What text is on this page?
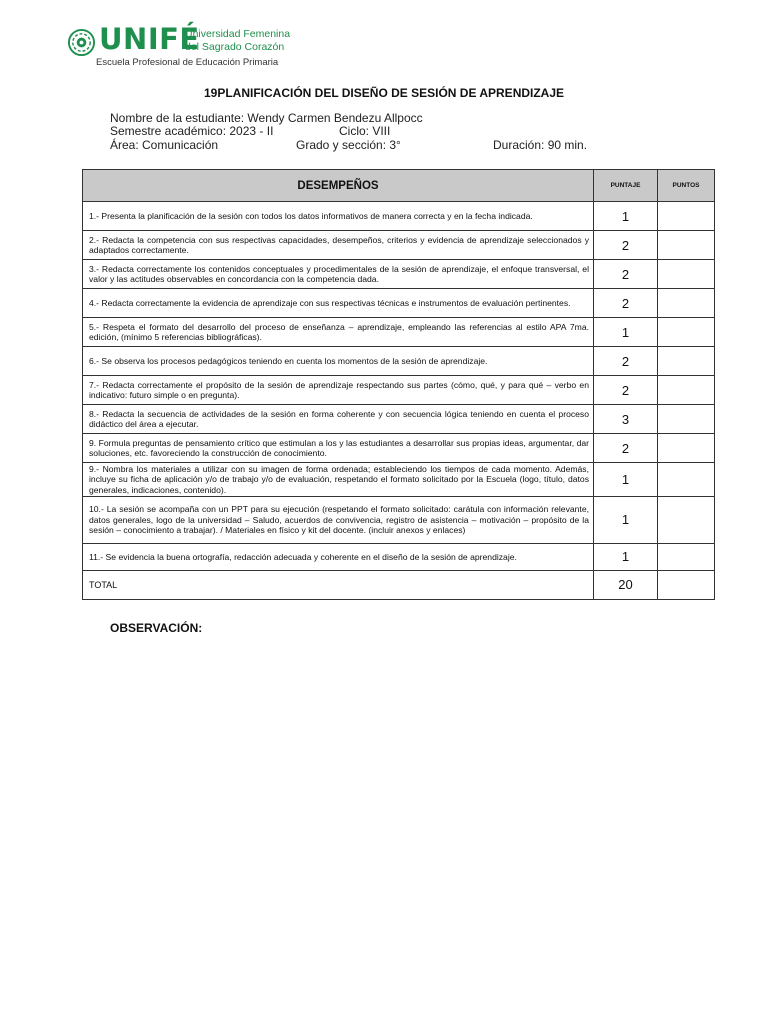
UNIFÉ
Universidad Femenina
del Sagrado Corazón
Escuela Profesional de Educación Primaria
19PLANIFICACIÓN DEL DISEÑO DE SESIÓN DE APRENDIZAJE
Nombre de la estudiante: Wendy Carmen Bendezu Allpocc
Semestre académico: 2023 - II	Ciclo: VIII
Área: Comunicación	Grado y sección: 3°	Duración: 90 min.
DESEMPEÑOS	PUNTAJE	PUNTOS
1.- Presenta la planificación de la sesión con todos los datos informativos de manera correcta y en la fecha indicada.	1	
2.- Redacta la competencia con sus respectivas capacidades, desempeños, criterios y evidencia de aprendizaje seleccionados y adaptados correctamente.	2	
3.- Redacta correctamente los contenidos conceptuales y procedimentales de la sesión de aprendizaje, el enfoque transversal, el valor y las actitudes observables en concordancia con la competencia dada.	2	
4.- Redacta correctamente la evidencia de aprendizaje con sus respectivas técnicas e instrumentos de evaluación pertinentes.	2	
5.- Respeta el formato del desarrollo del proceso de enseñanza – aprendizaje, empleando las referencias al estilo APA 7ma. edición, (mínimo 5 referencias bibliográficas).	1	
6.- Se observa los procesos pedagógicos teniendo en cuenta los momentos de la sesión de aprendizaje.	2	
7.- Redacta correctamente el propósito de la sesión de aprendizaje respectando sus partes (cómo, qué, y para qué – verbo en indicativo: futuro simple o en pregunta).	2	
8.- Redacta la secuencia de actividades de la sesión en forma coherente y con secuencia lógica teniendo en cuenta el proceso didáctico del área a ejecutar.	3	
9. Formula preguntas de pensamiento crítico que estimulan a los y las estudiantes a desarrollar sus propias ideas, argumentar, dar soluciones, etc. favoreciendo la construcción de conocimiento.	2	
9.- Nombra los materiales a utilizar con su imagen de forma ordenada; estableciendo los tiempos de cada momento. Además, incluye su ficha de aplicación y/o de trabajo y/o de evaluación, respetando el formato solicitado por la Escuela (logo, título, datos generales, indicaciones, contenido).	1	
10.- La sesión se acompaña con un PPT para su ejecución (respetando el formato solicitado: carátula con información relevante, datos generales, logo de la universidad – Saludo, acuerdos de convivencia, registro de asistencia – motivación – propósito de la sesión – conocimiento a trabajar). / Materiales en físico y kit del docente. (incluir anexos y enlaces)	1	
11.- Se evidencia la buena ortografía, redacción adecuada y coherente en el diseño de la sesión de aprendizaje.	1	
TOTAL	20	
OBSERVACIÓN:
